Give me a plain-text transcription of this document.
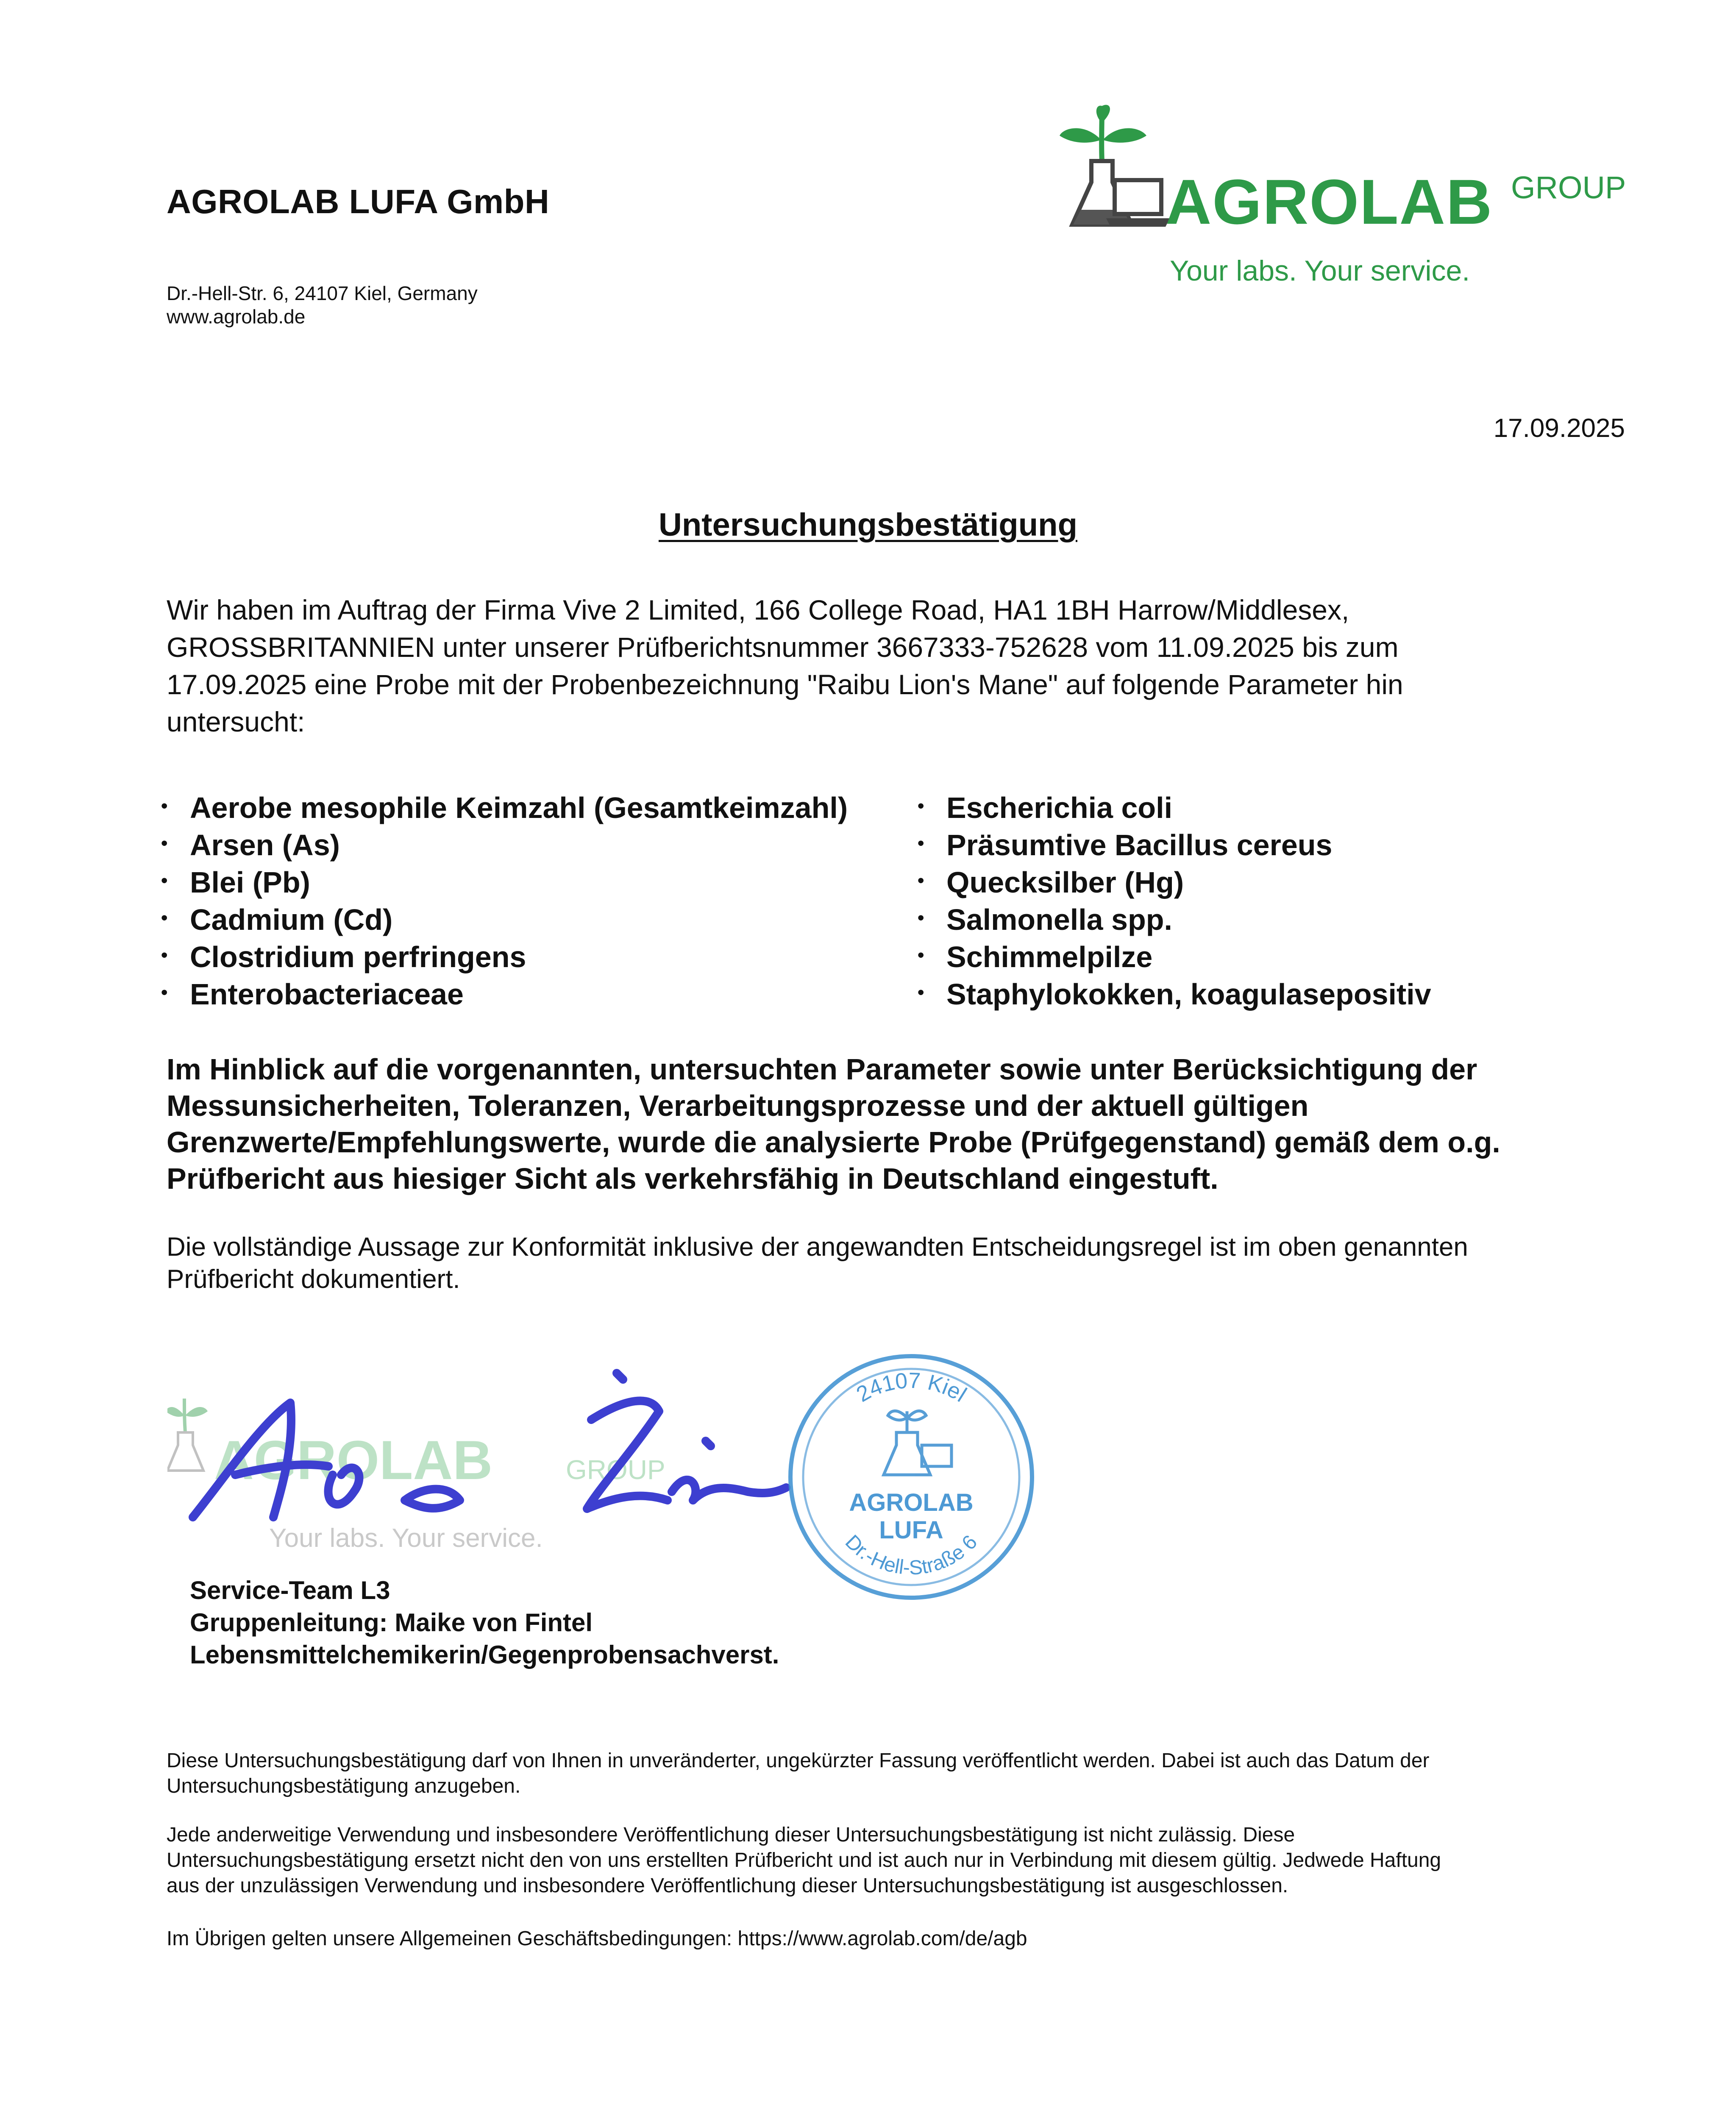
AGROLAB LUFA GmbH
Dr.-Hell-Str. 6, 24107 Kiel, Germany
www.agrolab.de
AGROLAB GROUP
Your labs. Your service.
17.09.2025
Untersuchungsbestätigung
Wir haben im Auftrag der Firma Vive 2 Limited, 166 College Road, HA1 1BH Harrow/Middlesex,
GROSSBRITANNIEN unter unserer Prüfberichtsnummer 3667333-752628 vom 11.09.2025 bis zum
17.09.2025 eine Probe mit der Probenbezeichnung "Raibu Lion's Mane" auf folgende Parameter hin
untersucht:
• Aerobe mesophile Keimzahl (Gesamtkeimzahl)
• Arsen (As)
• Blei (Pb)
• Cadmium (Cd)
• Clostridium perfringens
• Enterobacteriaceae
• Escherichia coli
• Präsumtive Bacillus cereus
• Quecksilber (Hg)
• Salmonella spp.
• Schimmelpilze
• Staphylokokken, koagulasepositiv
Im Hinblick auf die vorgenannten, untersuchten Parameter sowie unter Berücksichtigung der
Messunsicherheiten, Toleranzen, Verarbeitungsprozesse und der aktuell gültigen
Grenzwerte/Empfehlungswerte, wurde die analysierte Probe (Prüfgegenstand) gemäß dem o.g.
Prüfbericht aus hiesiger Sicht als verkehrsfähig in Deutschland eingestuft.
Die vollständige Aussage zur Konformität inklusive der angewandten Entscheidungsregel ist im oben genannten
Prüfbericht dokumentiert.
AGROLAB	GROUP
Your labs. Your service.
24107 Kiel
Dr.-Hell-Straße 6
AGROLAB
LUFA
Service-Team L3
Gruppenleitung: Maike von Fintel
Lebensmittelchemikerin/Gegenprobensachverst.
Diese Untersuchungsbestätigung darf von Ihnen in unveränderter, ungekürzter Fassung veröffentlicht werden. Dabei ist auch das Datum der
Untersuchungsbestätigung anzugeben.
Jede anderweitige Verwendung und insbesondere Veröffentlichung dieser Untersuchungsbestätigung ist nicht zulässig. Diese
Untersuchungsbestätigung ersetzt nicht den von uns erstellten Prüfbericht und ist auch nur in Verbindung mit diesem gültig. Jedwede Haftung
aus der unzulässigen Verwendung und insbesondere Veröffentlichung dieser Untersuchungsbestätigung ist ausgeschlossen.
Im Übrigen gelten unsere Allgemeinen Geschäftsbedingungen: https://www.agrolab.com/de/agb
